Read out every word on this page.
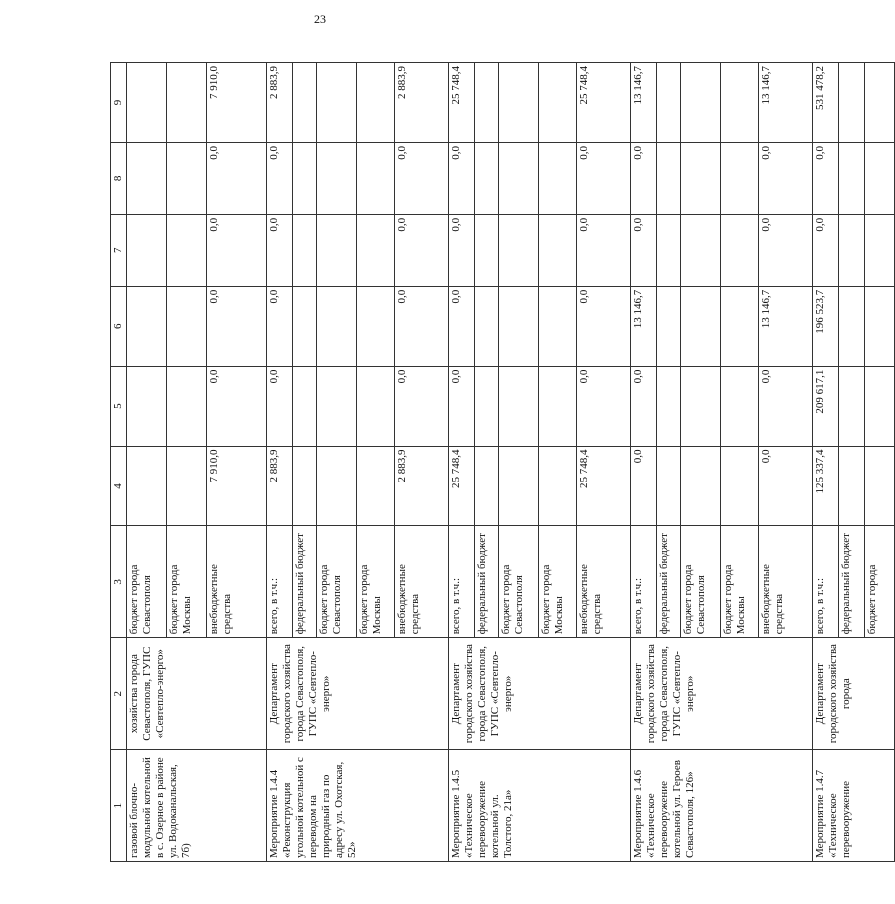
23
1	2	3	4	5	6	7	8	9
газовой блочно-модульной котельной в с. Озерное в районе ул. Водоканальская, 7б)	хозяйства города Севастополя, ГУПС «Севтепло-энерго»	бюджет города Севастополя						
		бюджет города Москвы						
		внебюджетные средства	7 910,0	0,0	0,0	0,0	0,0	7 910,0
Мероприятие 1.4.4 «Реконструкция угольной котельной с переводом на природный газ по адресу ул. Охотская, 52»	Департамент городского хозяйства города Севастополя, ГУПС «Севтепло-энерго»	всего, в т.ч.:	2 883,9	0,0	0,0	0,0	0,0	2 883,9
		федеральный бюджет						
		бюджет города Севастополя						
		бюджет города Москвы						
		внебюджетные средства	2 883,9	0,0	0,0	0,0	0,0	2 883,9
Мероприятие 1.4.5 «Техническое перевооружение котельной ул. Толстого, 21а»	Департамент городского хозяйства города Севастополя, ГУПС «Севтепло-энерго»	всего, в т.ч.:	25 748,4	0,0	0,0	0,0	0,0	25 748,4
		федеральный бюджет						
		бюджет города Севастополя						
		бюджет города Москвы						
		внебюджетные средства	25 748,4	0,0	0,0	0,0	0,0	25 748,4
Мероприятие 1.4.6 «Техническое перевооружение котельной ул. Героев Севастополя, 126»	Департамент городского хозяйства города Севастополя, ГУПС «Севтепло-энерго»	всего, в т.ч.:	0,0	0,0	13 146,7	0,0	0,0	13 146,7
		федеральный бюджет						
		бюджет города Севастополя						
		бюджет города Москвы						
		внебюджетные средства	0,0	0,0	13 146,7	0,0	0,0	13 146,7
Мероприятие 1.4.7 «Техническое перевооружение	Департамент городского хозяйства города	всего, в т.ч.:	125 337,4	209 617,1	196 523,7	0,0	0,0	531 478,2
		федеральный бюджет						
		бюджет города						
